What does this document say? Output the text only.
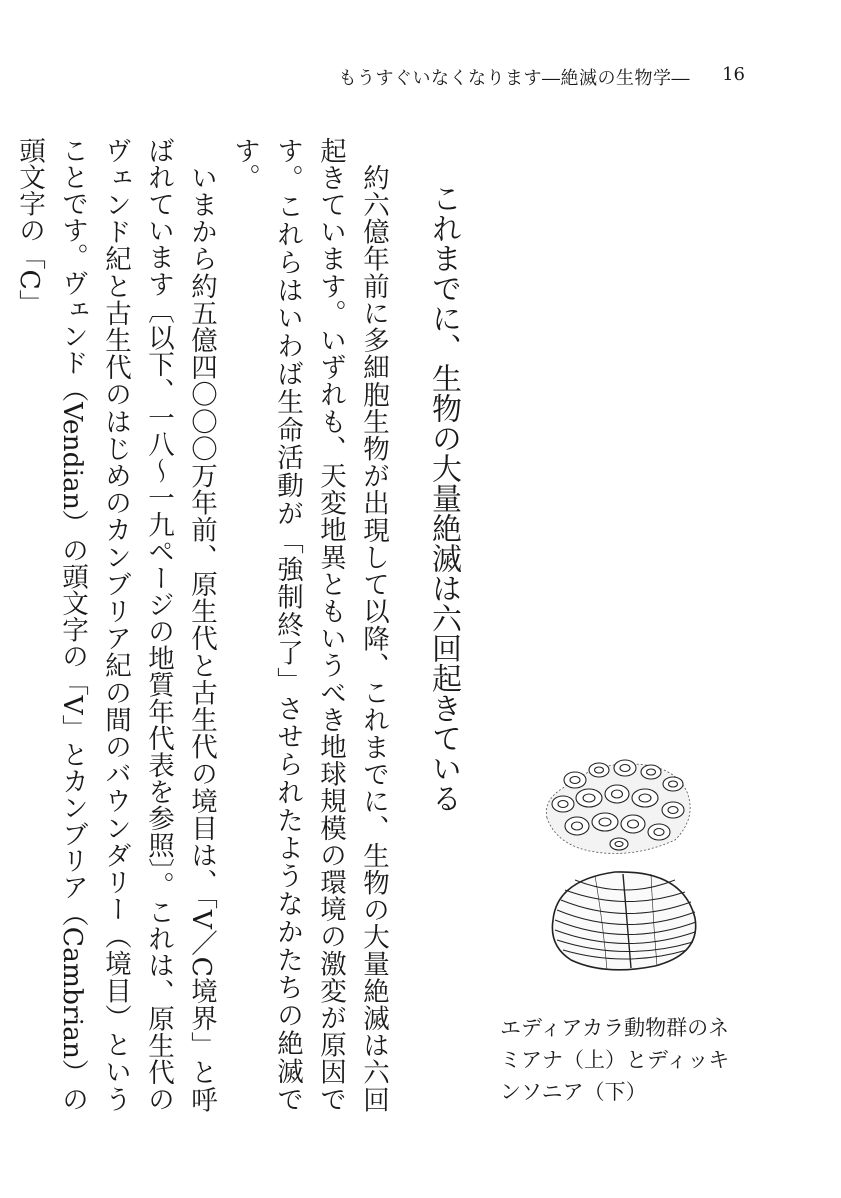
もうすぐいなくなります―絶滅の生物学―	16
これまでに、生物の大量絶滅は六回起きている

約六億年前に多細胞生物が出現して以降、これまでに、生物の大量絶滅は六回起きています。いずれも、天変地異ともいうべき地球規模の環境の激変が原因です。これらはいわば生命活動が「強制終了」させられたようなかたちの絶滅です。

いまから約五億四〇〇〇万年前、原生代と古生代の境目は、「V／C境界」と呼ばれています〔以下、一八～一九ページの地質年代表を参照〕。これは、原生代のヴェンド紀と古生代のはじめのカンブリア紀の間のバウンダリー（境目）ということです。ヴェンド（Vendian）の頭文字の「V」とカンブリア（Cambrian）の頭文字の「C」

エディアカラ動物群のネミアナ（上）とディッキンソニア（下）
